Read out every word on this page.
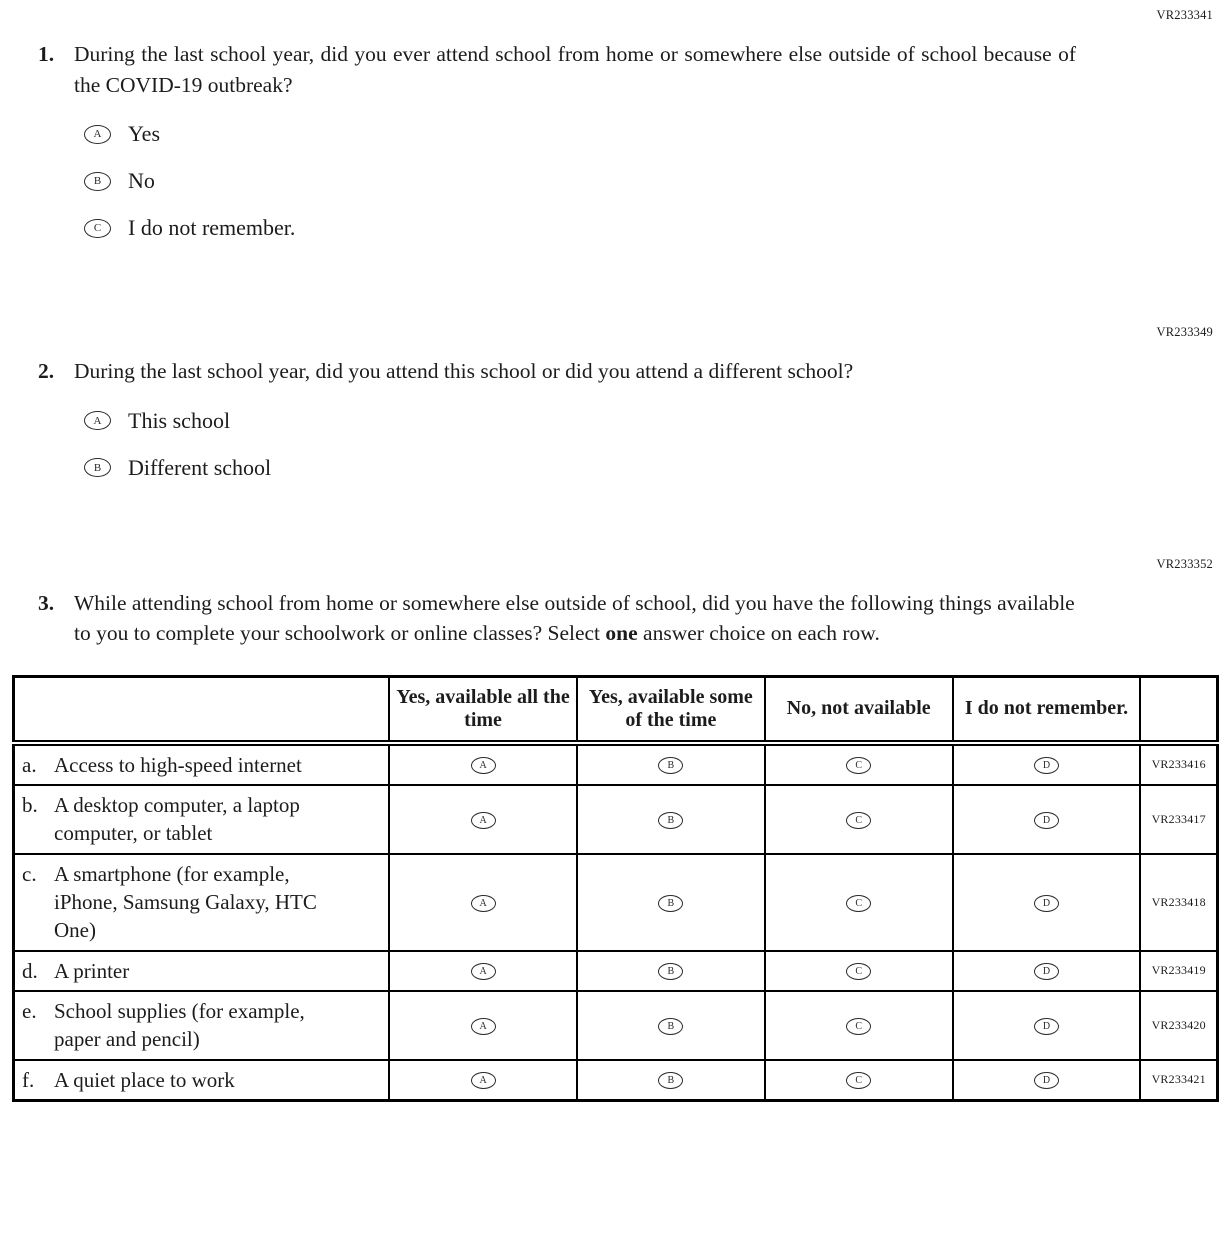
VR233341
1. During the last school year, did you ever attend school from home or somewhere else outside of school because of the COVID-19 outbreak?

A	Yes
B	No
C	I do not remember.
VR233349
2. During the last school year, did you attend this school or did you attend a different school?

A	This school
B	Different school
VR233352
3. While attending school from home or somewhere else outside of school, did you have the following things available to you to complete your schoolwork or online classes? Select one answer choice on each row.

	Yes, available all the time	Yes, available some of the time	No, not available	I do not remember.	

a. Access to high-speed internet	A	B	C	D	VR233416

b. A desktop computer, a laptop computer, or tablet	A	B	C	D	VR233417

c. A smartphone (for example, iPhone, Samsung Galaxy, HTC One)	A	B	C	D	VR233418

d. A printer	A	B	C	D	VR233419

e. School supplies (for example, paper and pencil)	A	B	C	D	VR233420

f. A quiet place to work	A	B	C	D	VR233421
